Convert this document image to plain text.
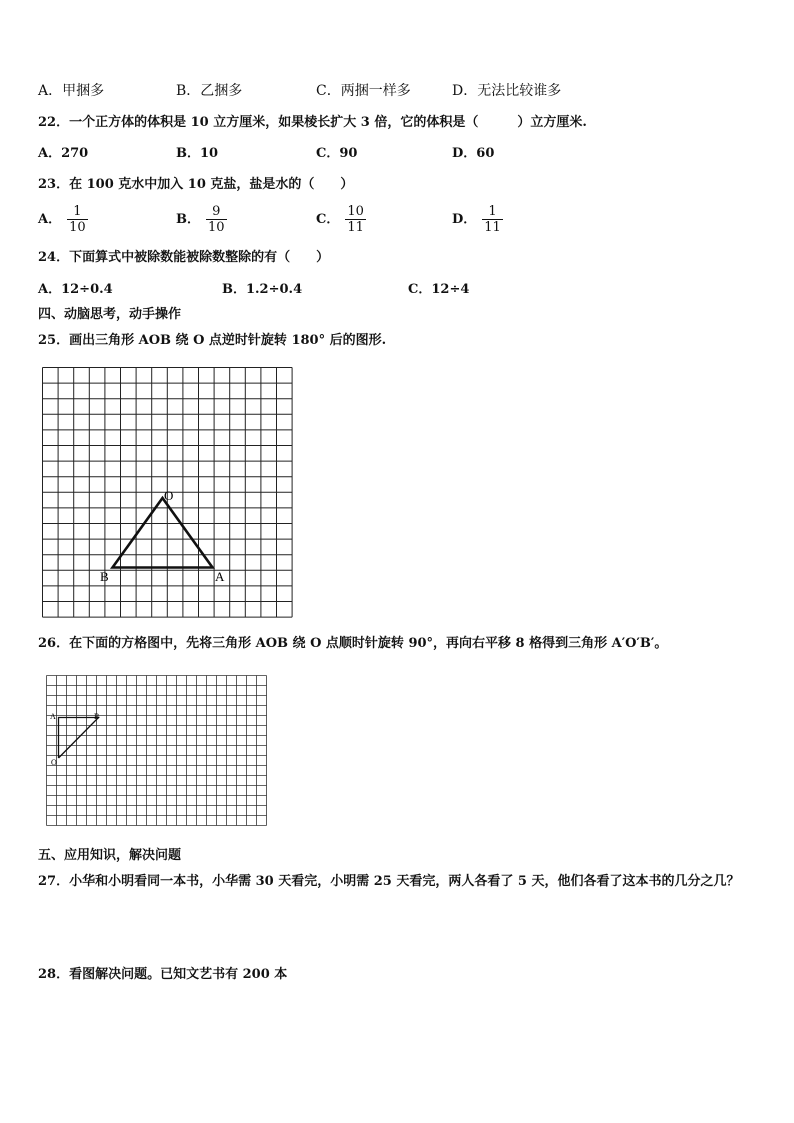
A．甲捆多	B．乙捆多	C．两捆一样多	D．无法比较谁多
22．一个正方体的体积是 10 立方厘米，如果棱长扩大 3 倍，它的体积是（　　　）立方厘米.
A．270	B．10	C．90	D．60
23．在 100 克水中加入 10 克盐，盐是水的（　　）
A． $\frac{1}{10}$	B． $\frac{9}{10}$	C． $\frac{10}{11}$	D． $\frac{1}{11}$
24．下面算式中被除数能被除数整除的有（　　）
A．12÷0.4	B．1.2÷0.4	C．12÷4
四、动脑思考，动手操作
25．画出三角形 AOB 绕 O 点逆时针旋转 180° 后的图形.
O
B	A
26．在下面的方格图中，先将三角形 AOB 绕 O 点顺时针旋转 90°，再向右平移 8 格得到三角形 A′O′B′。
A	B
O
五、应用知识，解决问题
27．小华和小明看同一本书，小华需 30 天看完，小明需 25 天看完，两人各看了 5 天，他们各看了这本书的几分之几？
28．看图解决问题。已知文艺书有 200 本
